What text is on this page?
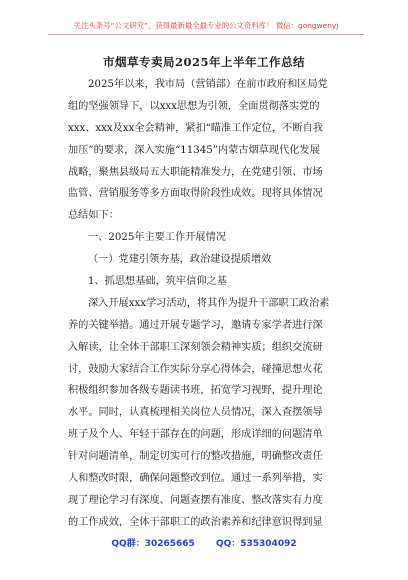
关注头条号“公文研究”，获得最新最全最专业的公文资料库！ 微信：gongwenyj
市烟草专卖局2025年上半年工作总结
2025年以来，我市局（营销部）在前市政府和区局党
组的坚强领导下，以xxx思想为引领，全面贯彻落实党的
xxx、xxx及xx全会精神，紧扣“瞄准工作定位，不断自我
加压”的要求，深入实施“11345”内蒙古烟草现代化发展
战略，聚焦县级局五大职能精准发力，在党建引领、市场
监管、营销服务等多方面取得阶段性成效。现将具体情况
总结如下：
一、2025年主要工作开展情况
（一）党建引领夯基，政治建设提质增效
1、抓思想基础，筑牢信仰之基
深入开展xxx学习活动，将其作为提升干部职工政治素
养的关键举措。通过开展专题学习，邀请专家学者进行深
入解读，让全体干部职工深刻领会精神实质；组织交流研
讨，鼓励大家结合工作实际分享心得体会，碰撞思想火花
积极组织参加各级专题读书班，拓宽学习视野，提升理论
水平。同时，认真梳理相关岗位人员情况，深入查摆领导
班子及个人、年轻干部存在的问题，形成详细的问题清单
针对问题清单，制定切实可行的整改措施，明确整改责任
人和整改时限，确保问题整改到位。通过一系列举措，实
现了理论学习有深度、问题查摆有准度、整改落实有力度
的工作成效，全体干部职工的政治素养和纪律意识得到显
QQ群：30265665 QQ：535304092
